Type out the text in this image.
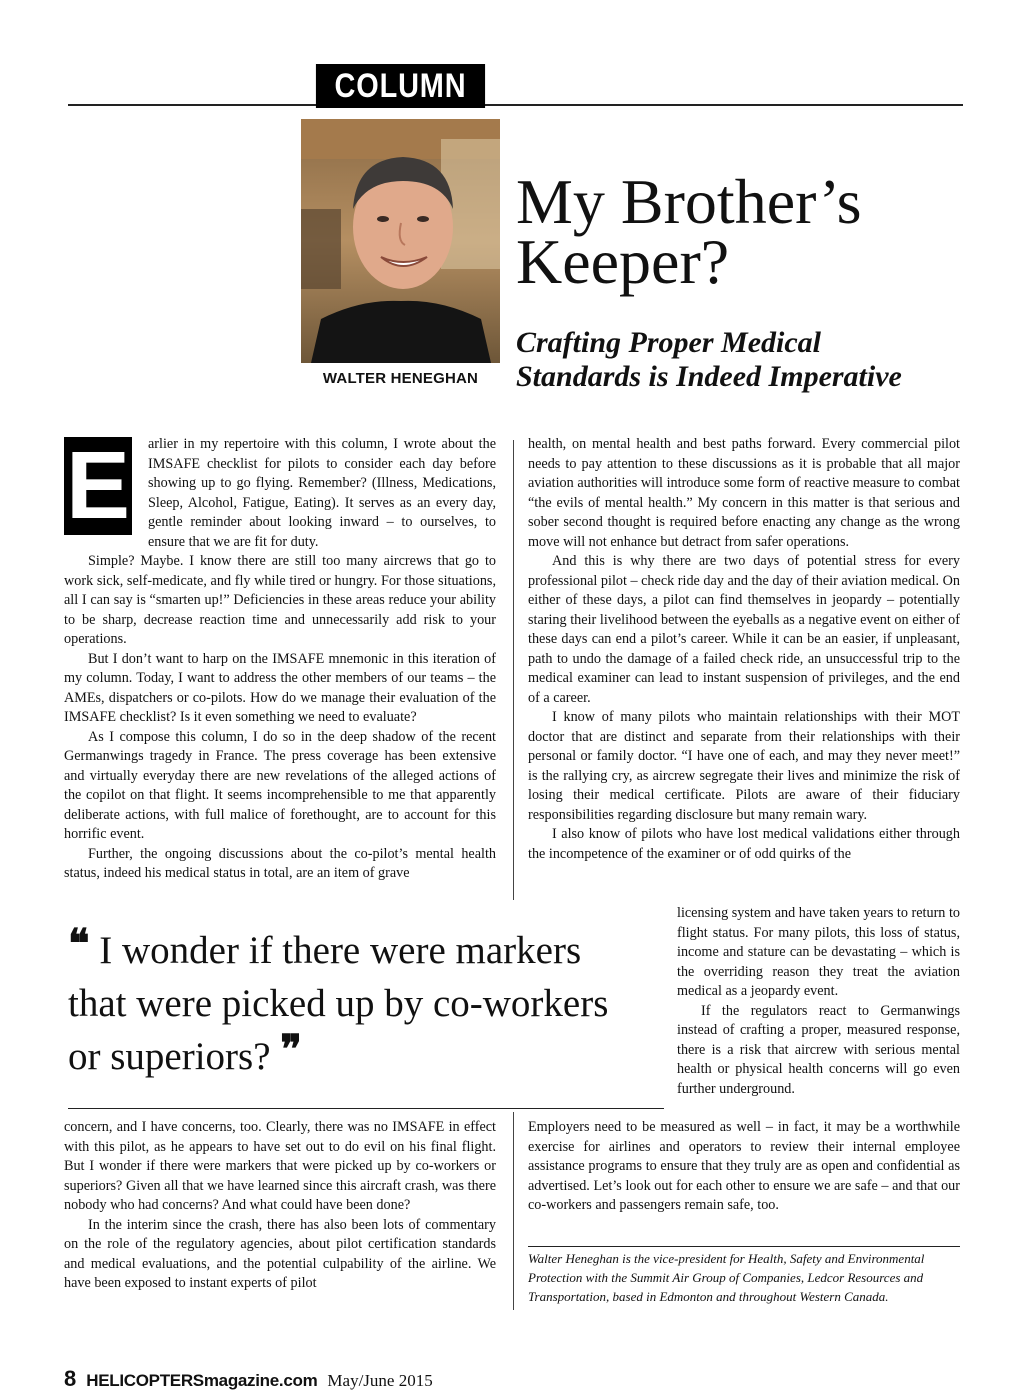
COLUMN
WALTER HENEGHAN
My Brother’s
Keeper?
Crafting Proper Medical
Standards is Indeed Imperative
E arlier in my repertoire with this column, I wrote about the IMSAFE checklist for pilots to consider each day before showing up to go flying. Remember? (Illness, Medications, Sleep, Alcohol, Fatigue, Eating). It serves as an every day, gentle reminder about looking inward – to ourselves, to ensure that we are fit for duty.

Simple? Maybe. I know there are still too many aircrews that go to work sick, self-medicate, and fly while tired or hungry. For those situations, all I can say is “smarten up!” Deficiencies in these areas reduce your ability to be sharp, decrease reaction time and unnecessarily add risk to your operations.

But I don’t want to harp on the IMSAFE mnemonic in this iteration of my column. Today, I want to address the other members of our teams – the AMEs, dispatchers or co-pilots. How do we manage their evaluation of the IMSAFE checklist? Is it even something we need to evaluate?

As I compose this column, I do so in the deep shadow of the recent Germanwings tragedy in France. The press coverage has been extensive and virtually everyday there are new revelations of the alleged actions of the copilot on that flight. It seems incomprehensible to me that apparently deliberate actions, with full malice of forethought, are to account for this horrific event.

Further, the ongoing discussions about the co-pilot’s mental health status, indeed his medical status in total, are an item of grave

❝ I wonder if there were markers that were picked up by co-workers or superiors? ❞

concern, and I have concerns, too. Clearly, there was no IMSAFE in effect with this pilot, as he appears to have set out to do evil on his final flight. But I wonder if there were markers that were picked up by co-workers or superiors? Given all that we have learned since this aircraft crash, was there nobody who had concerns? And what could have been done?

In the interim since the crash, there has also been lots of commentary on the role of the regulatory agencies, about pilot certification standards and medical evaluations, and the potential culpability of the airline. We have been exposed to instant experts of pilot

health, on mental health and best paths forward. Every commercial pilot needs to pay attention to these discussions as it is probable that all major aviation authorities will introduce some form of reactive measure to combat “the evils of mental health.” My concern in this matter is that serious and sober second thought is required before enacting any change as the wrong move will not enhance but detract from safer operations.

And this is why there are two days of potential stress for every professional pilot – check ride day and the day of their aviation medical. On either of these days, a pilot can find themselves in jeopardy – potentially staring their livelihood between the eyeballs as a negative event on either of these days can end a pilot’s career. While it can be an easier, if unpleasant, path to undo the damage of a failed check ride, an unsuccessful trip to the medical examiner can lead to instant suspension of privileges, and the end of a career.

I know of many pilots who maintain relationships with their MOT doctor that are distinct and separate from their relationships with their personal or family doctor. “I have one of each, and may they never meet!” is the rallying cry, as aircrew segregate their lives and minimize the risk of losing their medical certificate. Pilots are aware of their fiduciary responsibilities regarding disclosure but many remain wary.

I also know of pilots who have lost medical validations either through the incompetence of the examiner or of odd quirks of the

licensing system and have taken years to return to flight status. For many pilots, this loss of status, income and stature can be devastating – which is the overriding reason they treat the aviation medical as a jeopardy event.

If the regulators react to Germanwings instead of crafting a proper, measured response, there is a risk that aircrew with serious mental health or physical health concerns will go even further underground.

Employers need to be measured as well – in fact, it may be a worthwhile exercise for airlines and operators to review their internal employee assistance programs to ensure that they truly are as open and confidential as advertised. Let’s look out for each other to ensure we are safe – and that our co-workers and passengers remain safe, too.

Walter Heneghan is the vice-president for Health, Safety and Environmental Protection with the Summit Air Group of Companies, Ledcor Resources and Transportation, based in Edmonton and throughout Western Canada.
8 HELICOPTERSmagazine.com May/June 2015
